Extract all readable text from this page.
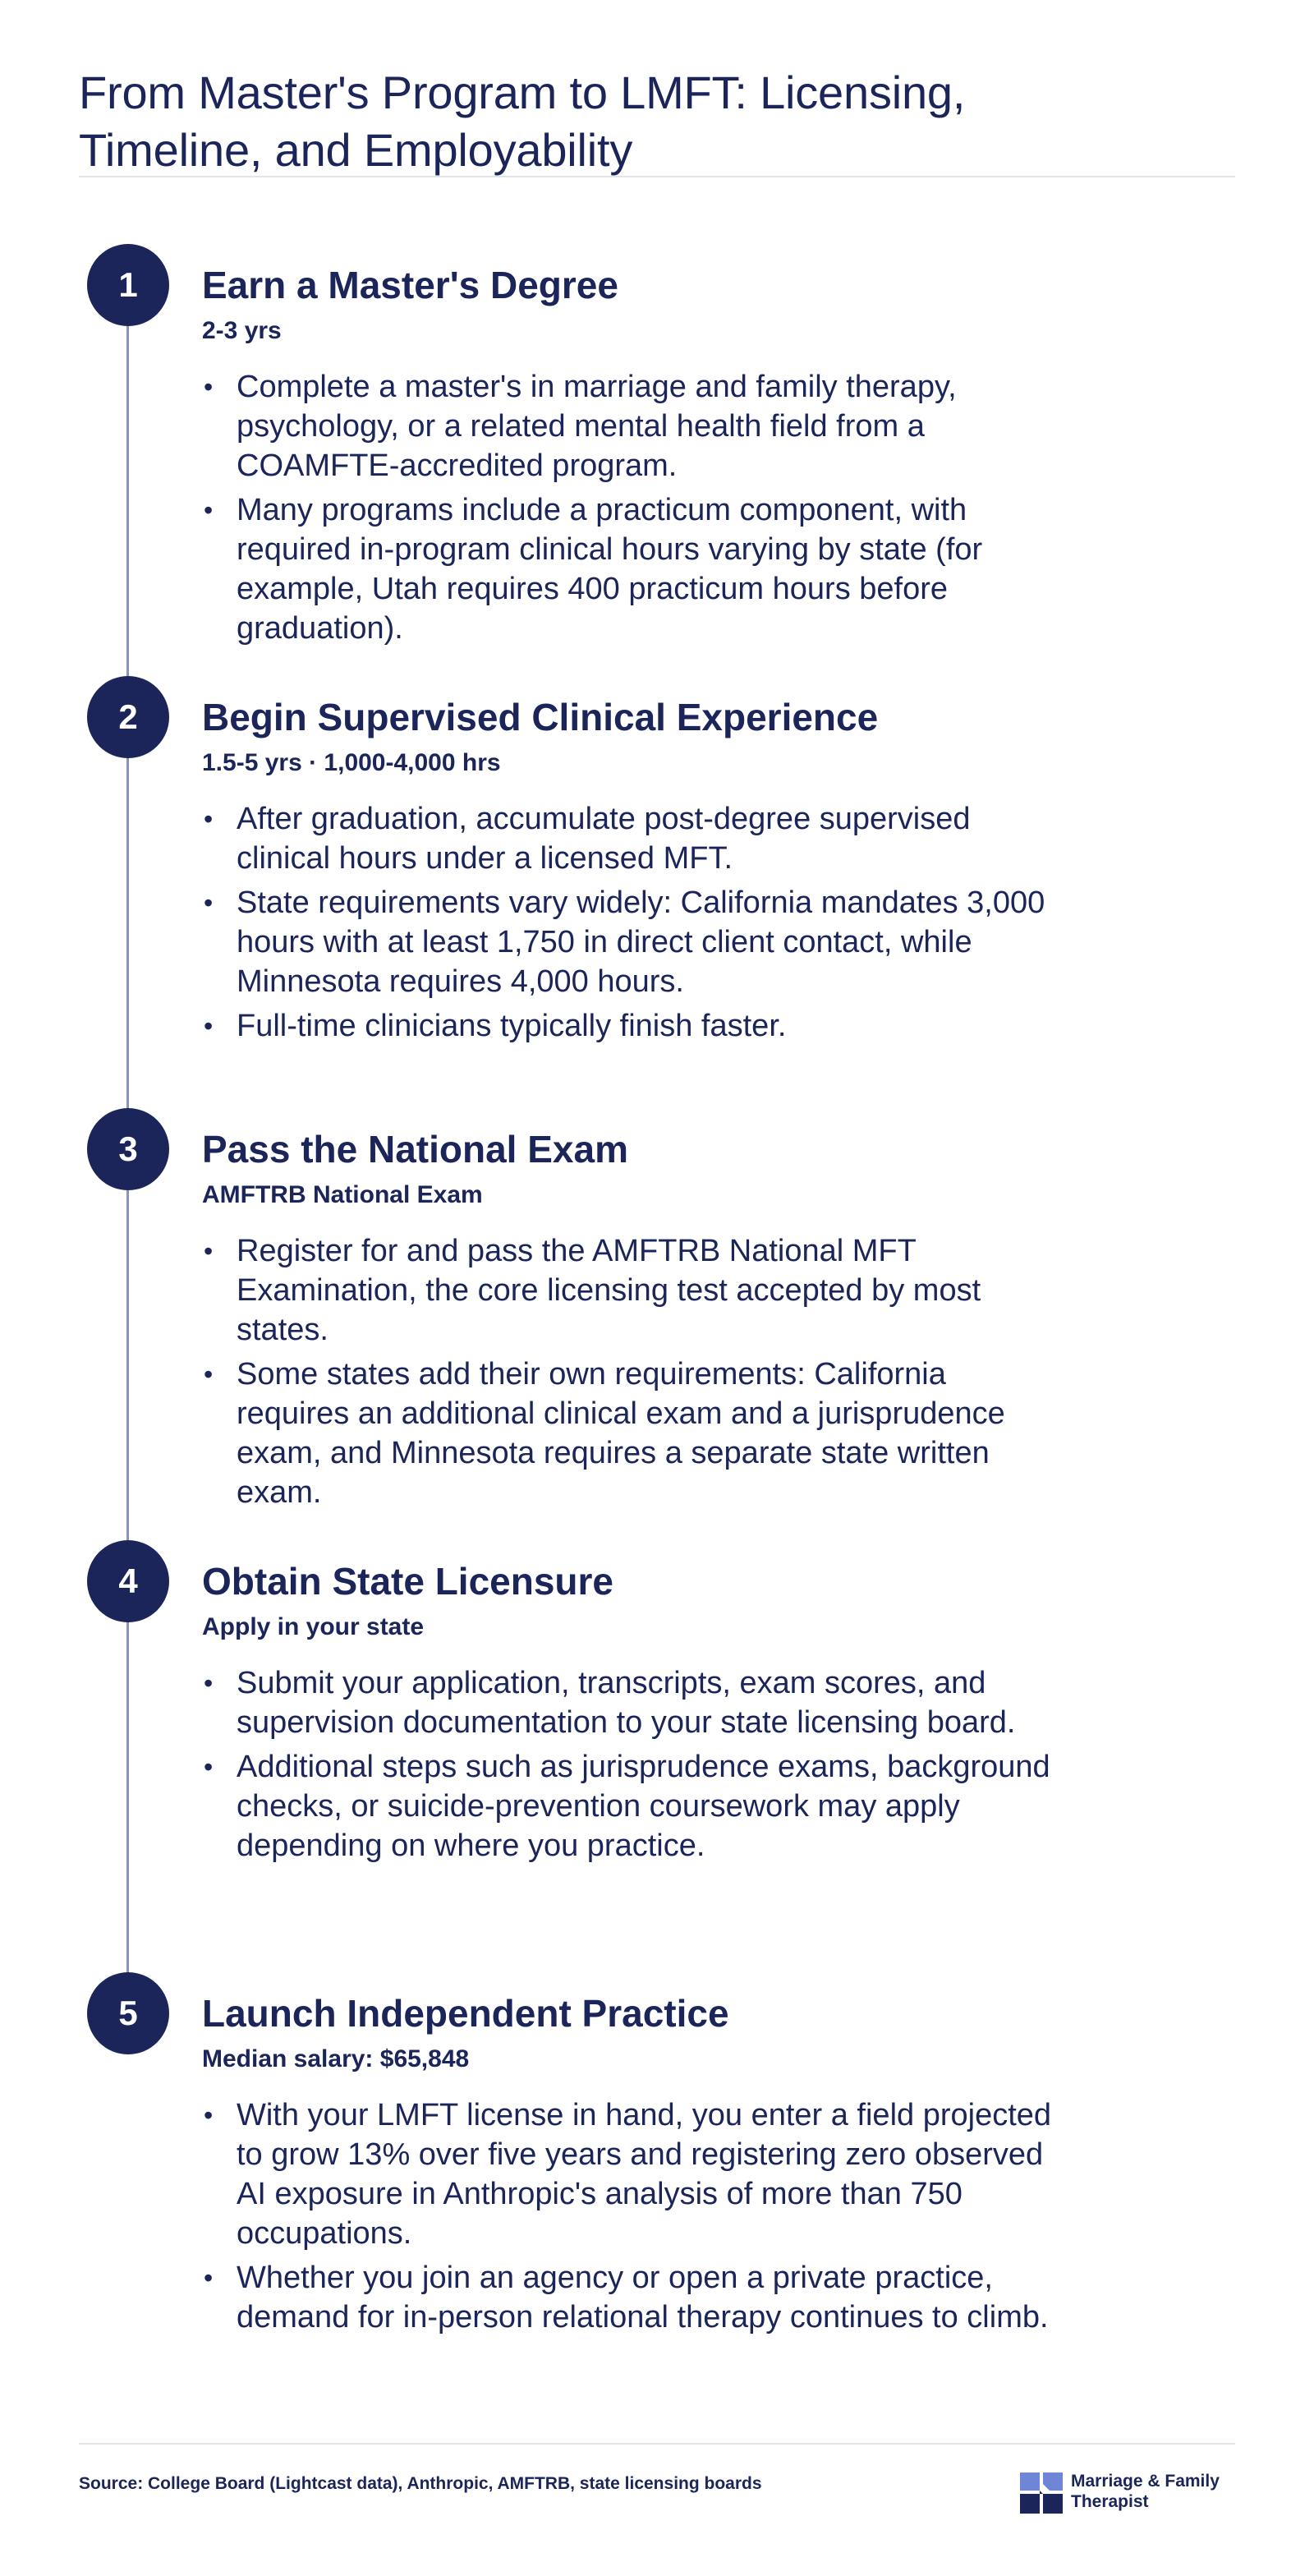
From Master's Program to LMFT: Licensing, Timeline, and Employability
1	Earn a Master's Degree
2-3 yrs
• Complete a master's in marriage and family therapy, psychology, or a related mental health field from a COAMFTE-accredited program.
• Many programs include a practicum component, with required in-program clinical hours varying by state (for example, Utah requires 400 practicum hours before graduation).
2	Begin Supervised Clinical Experience
1.5-5 yrs · 1,000-4,000 hrs
• After graduation, accumulate post-degree supervised clinical hours under a licensed MFT.
• State requirements vary widely: California mandates 3,000 hours with at least 1,750 in direct client contact, while Minnesota requires 4,000 hours.
• Full-time clinicians typically finish faster.
3	Pass the National Exam
AMFTRB National Exam
• Register for and pass the AMFTRB National MFT Examination, the core licensing test accepted by most states.
• Some states add their own requirements: California requires an additional clinical exam and a jurisprudence exam, and Minnesota requires a separate state written exam.
4	Obtain State Licensure
Apply in your state
• Submit your application, transcripts, exam scores, and supervision documentation to your state licensing board.
• Additional steps such as jurisprudence exams, background checks, or suicide-prevention coursework may apply depending on where you practice.
5	Launch Independent Practice
Median salary: $65,848
• With your LMFT license in hand, you enter a field projected to grow 13% over five years and registering zero observed AI exposure in Anthropic's analysis of more than 750 occupations.
• Whether you join an agency or open a private practice, demand for in-person relational therapy continues to climb.
Source: College Board (Lightcast data), Anthropic, AMFTRB, state licensing boards	Marriage & Family
Therapist
